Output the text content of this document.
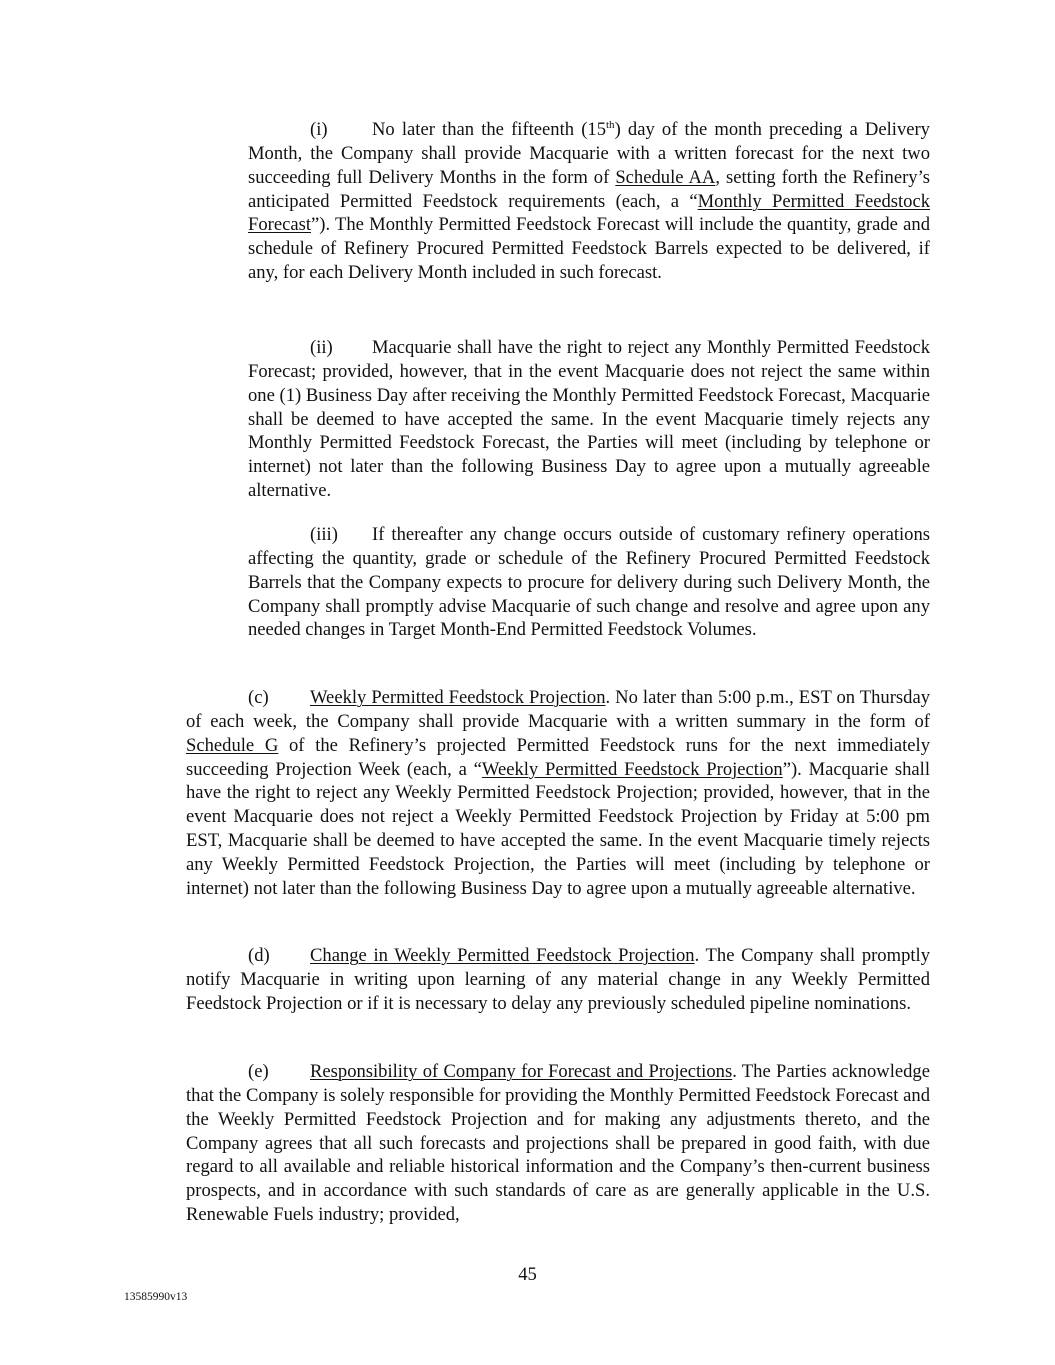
(i) No later than the fifteenth (15th) day of the month preceding a Delivery Month, the Company shall provide Macquarie with a written forecast for the next two succeeding full Delivery Months in the form of Schedule AA, setting forth the Refinery’s anticipated Permitted Feedstock requirements (each, a “Monthly Permitted Feedstock Forecast”). The Monthly Permitted Feedstock Forecast will include the quantity, grade and schedule of Refinery Procured Permitted Feedstock Barrels expected to be delivered, if any, for each Delivery Month included in such forecast.

(ii) Macquarie shall have the right to reject any Monthly Permitted Feedstock Forecast; provided, however, that in the event Macquarie does not reject the same within one (1) Business Day after receiving the Monthly Permitted Feedstock Forecast, Macquarie shall be deemed to have accepted the same. In the event Macquarie timely rejects any Monthly Permitted Feedstock Forecast, the Parties will meet (including by telephone or internet) not later than the following Business Day to agree upon a mutually agreeable alternative.

(iii) If thereafter any change occurs outside of customary refinery operations affecting the quantity, grade or schedule of the Refinery Procured Permitted Feedstock Barrels that the Company expects to procure for delivery during such Delivery Month, the Company shall promptly advise Macquarie of such change and resolve and agree upon any needed changes in Target Month-End Permitted Feedstock Volumes.

(c) Weekly Permitted Feedstock Projection. No later than 5:00 p.m., EST on Thursday of each week, the Company shall provide Macquarie with a written summary in the form of Schedule G of the Refinery’s projected Permitted Feedstock runs for the next immediately succeeding Projection Week (each, a “Weekly Permitted Feedstock Projection”). Macquarie shall have the right to reject any Weekly Permitted Feedstock Projection; provided, however, that in the event Macquarie does not reject a Weekly Permitted Feedstock Projection by Friday at 5:00 pm EST, Macquarie shall be deemed to have accepted the same. In the event Macquarie timely rejects any Weekly Permitted Feedstock Projection, the Parties will meet (including by telephone or internet) not later than the following Business Day to agree upon a mutually agreeable alternative.

(d) Change in Weekly Permitted Feedstock Projection. The Company shall promptly notify Macquarie in writing upon learning of any material change in any Weekly Permitted Feedstock Projection or if it is necessary to delay any previously scheduled pipeline nominations.

(e) Responsibility of Company for Forecast and Projections. The Parties acknowledge that the Company is solely responsible for providing the Monthly Permitted Feedstock Forecast and the Weekly Permitted Feedstock Projection and for making any adjustments thereto, and the Company agrees that all such forecasts and projections shall be prepared in good faith, with due regard to all available and reliable historical information and the Company’s then-current business prospects, and in accordance with such standards of care as are generally applicable in the U.S. Renewable Fuels industry; provided,

45
13585990v13
